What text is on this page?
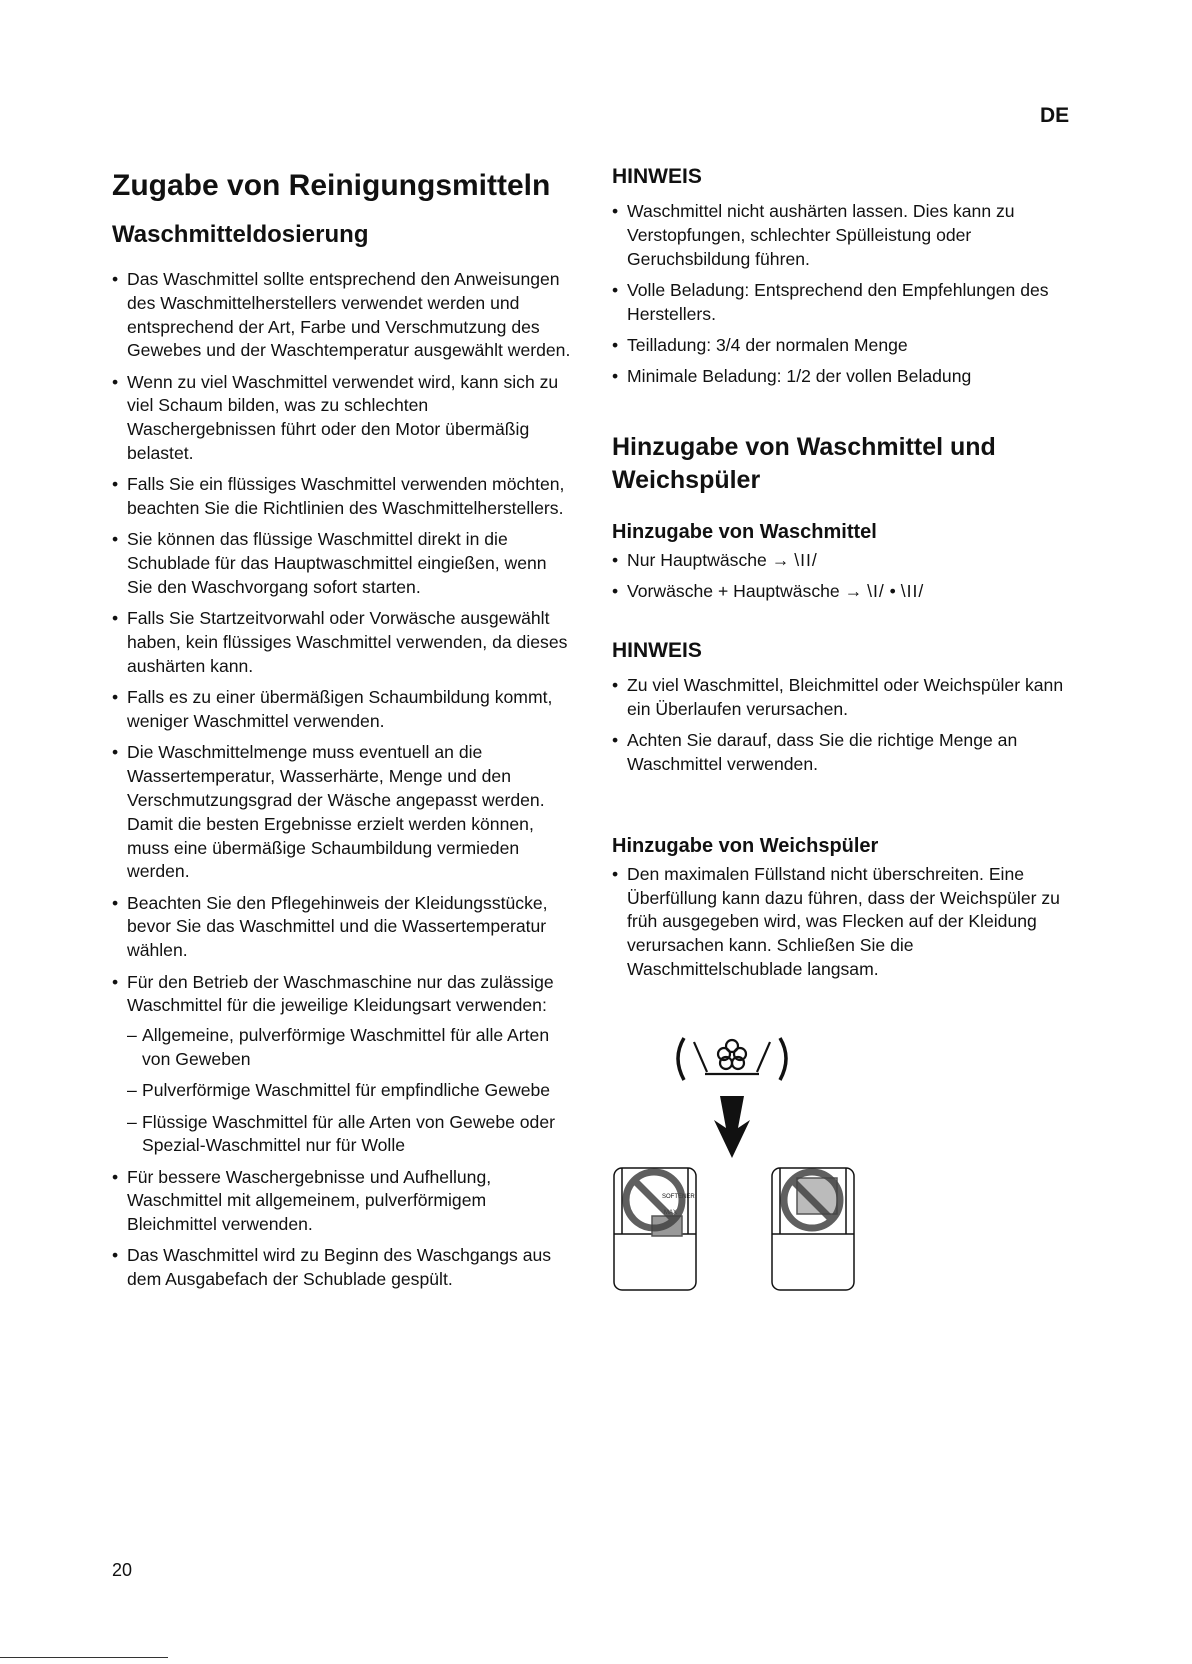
DE
Zugabe von Reinigungsmitteln
Waschmitteldosierung
• Das Waschmittel sollte entsprechend den Anweisungen des Waschmittelherstellers verwendet werden und entsprechend der Art, Farbe und Verschmutzung des Gewebes und der Waschtemperatur ausgewählt werden.
• Wenn zu viel Waschmittel verwendet wird, kann sich zu viel Schaum bilden, was zu schlechten Waschergebnissen führt oder den Motor übermäßig belastet.
• Falls Sie ein flüssiges Waschmittel verwenden möchten, beachten Sie die Richtlinien des Waschmittelherstellers.
• Sie können das flüssige Waschmittel direkt in die Schublade für das Hauptwaschmittel eingießen, wenn Sie den Waschvorgang sofort starten.
• Falls Sie Startzeitvorwahl oder Vorwäsche ausgewählt haben, kein flüssiges Waschmittel verwenden, da dieses aushärten kann.
• Falls es zu einer übermäßigen Schaumbildung kommt, weniger Waschmittel verwenden.
• Die Waschmittelmenge muss eventuell an die Wassertemperatur, Wasserhärte, Menge und den Verschmutzungsgrad der Wäsche angepasst werden. Damit die besten Ergebnisse erzielt werden können, muss eine übermäßige Schaumbildung vermieden werden.
• Beachten Sie den Pflegehinweis der Kleidungsstücke, bevor Sie das Waschmittel und die Wassertemperatur wählen.
• Für den Betrieb der Waschmaschine nur das zulässige Waschmittel für die jeweilige Kleidungsart verwenden:
– Allgemeine, pulverförmige Waschmittel für alle Arten von Geweben
– Pulverförmige Waschmittel für empfindliche Gewebe
– Flüssige Waschmittel für alle Arten von Gewebe oder Spezial-Waschmittel nur für Wolle
• Für bessere Waschergebnisse und Aufhellung, Waschmittel mit allgemeinem, pulverförmigem Bleichmittel verwenden.
• Das Waschmittel wird zu Beginn des Waschgangs aus dem Ausgabefach der Schublade gespült.
HINWEIS
• Waschmittel nicht aushärten lassen. Dies kann zu Verstopfungen, schlechter Spülleistung oder Geruchsbildung führen.
• Volle Beladung: Entsprechend den Empfehlungen des Herstellers.
• Teilladung: 3/4 der normalen Menge
• Minimale Beladung: 1/2 der vollen Beladung
Hinzugabe von Waschmittel und Weichspüler
Hinzugabe von Waschmittel
• Nur Hauptwäsche → \II/
• Vorwäsche + Hauptwäsche → \I/ • \II/
HINWEIS
• Zu viel Waschmittel, Bleichmittel oder Weichspüler kann ein Überlaufen verursachen.
• Achten Sie darauf, dass Sie die richtige Menge an Waschmittel verwenden.
Hinzugabe von Weichspüler
• Den maximalen Füllstand nicht überschreiten. Eine Überfüllung kann dazu führen, dass der Weichspüler zu früh ausgegeben wird, was Flecken auf der Kleidung verursachen kann. Schließen Sie die Waschmittelschublade langsam.
SOFTENER
MAX
20
